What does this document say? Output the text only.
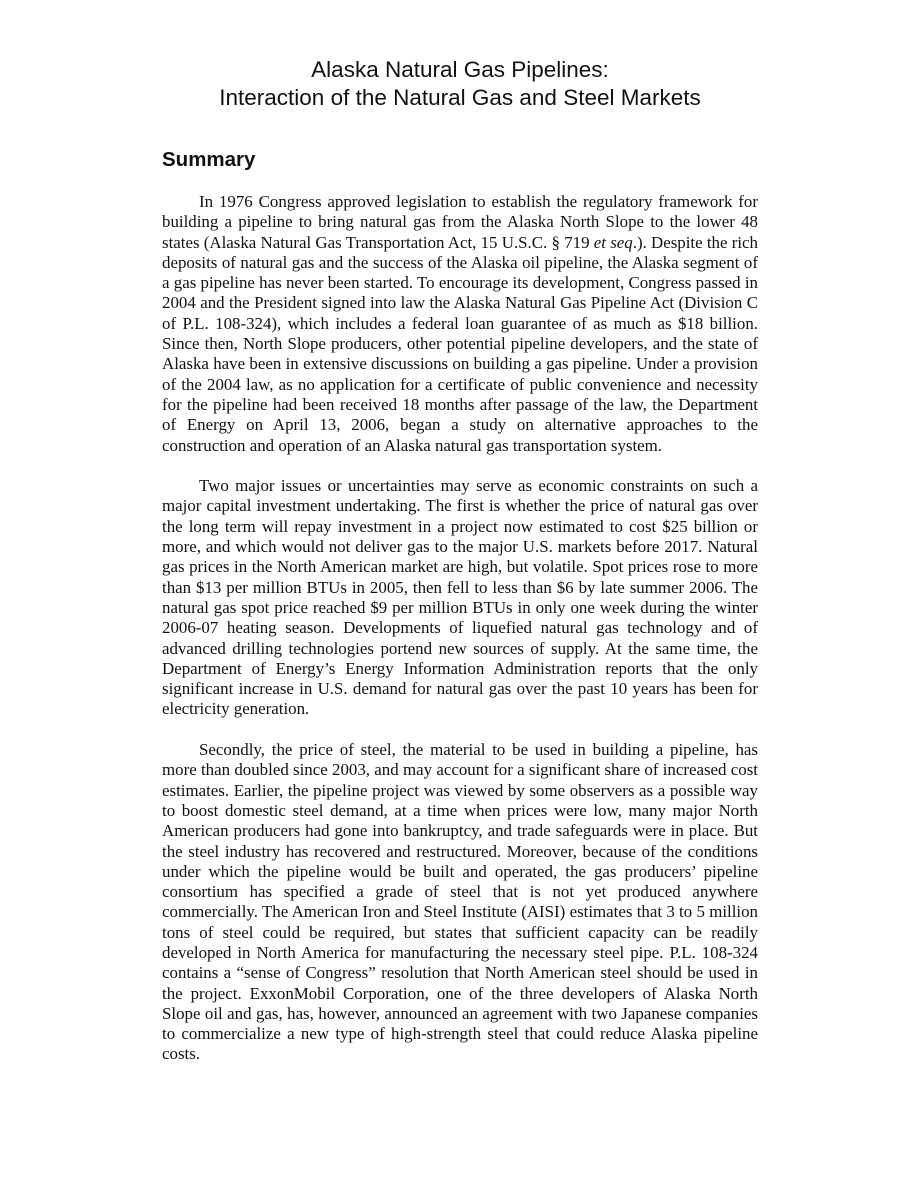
Alaska Natural Gas Pipelines:
Interaction of the Natural Gas and Steel Markets
Summary

In 1976 Congress approved legislation to establish the regulatory framework for building a pipeline to bring natural gas from the Alaska North Slope to the lower 48 states (Alaska Natural Gas Transportation Act, 15 U.S.C. § 719 et seq.). Despite the rich deposits of natural gas and the success of the Alaska oil pipeline, the Alaska segment of a gas pipeline has never been started. To encourage its development, Congress passed in 2004 and the President signed into law the Alaska Natural Gas Pipeline Act (Division C of P.L. 108-324), which includes a federal loan guarantee of as much as $18 billion. Since then, North Slope producers, other potential pipeline developers, and the state of Alaska have been in extensive discussions on building a gas pipeline. Under a provision of the 2004 law, as no application for a certificate of public convenience and necessity for the pipeline had been received 18 months after passage of the law, the Department of Energy on April 13, 2006, began a study on alternative approaches to the construction and operation of an Alaska natural gas transportation system.

Two major issues or uncertainties may serve as economic constraints on such a major capital investment undertaking. The first is whether the price of natural gas over the long term will repay investment in a project now estimated to cost $25 billion or more, and which would not deliver gas to the major U.S. markets before 2017. Natural gas prices in the North American market are high, but volatile. Spot prices rose to more than $13 per million BTUs in 2005, then fell to less than $6 by late summer 2006. The natural gas spot price reached $9 per million BTUs in only one week during the winter 2006-07 heating season. Developments of liquefied natural gas technology and of advanced drilling technologies portend new sources of supply. At the same time, the Department of Energy’s Energy Information Administration reports that the only significant increase in U.S. demand for natural gas over the past 10 years has been for electricity generation.

Secondly, the price of steel, the material to be used in building a pipeline, has more than doubled since 2003, and may account for a significant share of increased cost estimates. Earlier, the pipeline project was viewed by some observers as a possible way to boost domestic steel demand, at a time when prices were low, many major North American producers had gone into bankruptcy, and trade safeguards were in place. But the steel industry has recovered and restructured. Moreover, because of the conditions under which the pipeline would be built and operated, the gas producers’ pipeline consortium has specified a grade of steel that is not yet produced anywhere commercially. The American Iron and Steel Institute (AISI) estimates that 3 to 5 million tons of steel could be required, but states that sufficient capacity can be readily developed in North America for manufacturing the necessary steel pipe. P.L. 108-324 contains a “sense of Congress” resolution that North American steel should be used in the project. ExxonMobil Corporation, one of the three developers of Alaska North Slope oil and gas, has, however, announced an agreement with two Japanese companies to commercialize a new type of high-strength steel that could reduce Alaska pipeline costs.
